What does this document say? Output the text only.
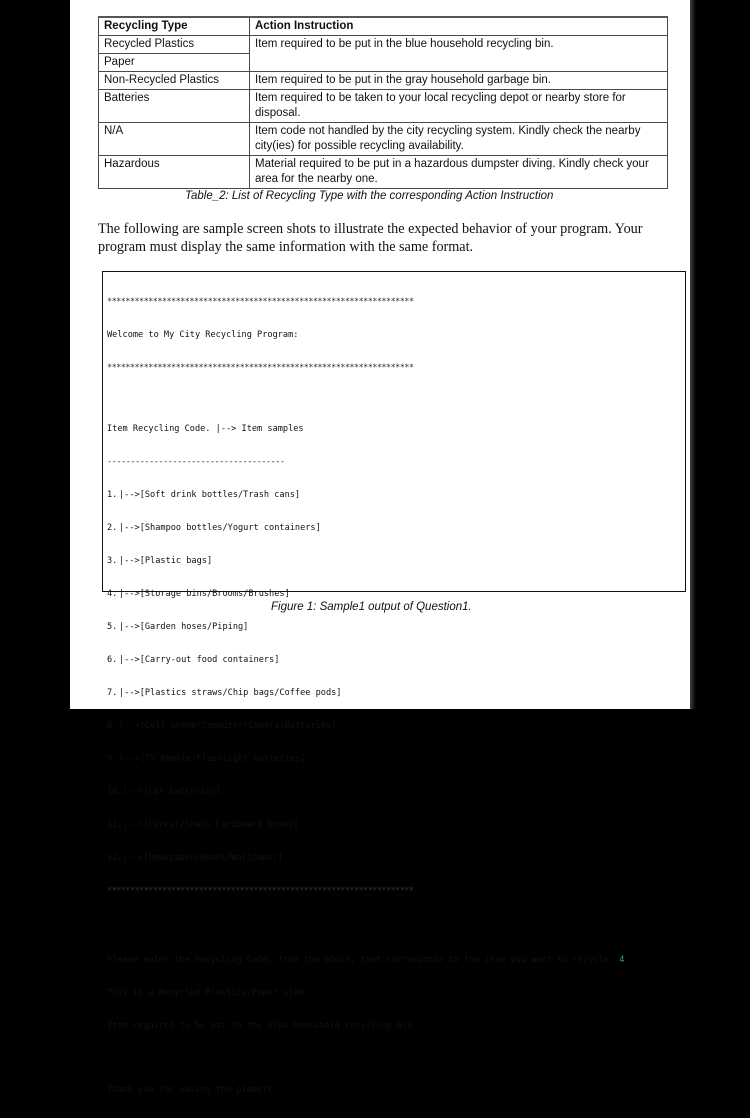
Recycling Type	Action Instruction
Recycled Plastics	Item required to be put in the blue household recycling bin.
Paper	
Non-Recycled Plastics	Item required to be put in the gray household garbage bin.
Batteries	Item required to be taken to your local recycling depot or nearby store for disposal.
N/A	Item code not handled by the city recycling system. Kindly check the nearby city(ies) for possible recycling availability.
Hazardous	Material required to be put in a hazardous dumpster diving. Kindly check your area for the nearby one.
Table_2: List of Recycling Type with the corresponding Action Instruction
The following are sample screen shots to illustrate the expected behavior of your program. Your program must display the same information with the same format.

*******************************************************************

Welcome to My City Recycling Program:

*******************************************************************

Item Recycling Code. |--> Item samples

--------------------------------------

1. |-->[Soft drink bottles/Trash cans]

2. |-->[Shampoo bottles/Yogurt containers]

3. |-->[Plastic bags]

4. |-->[Storage bins/Brooms/Brushes]

5. |-->[Garden hoses/Piping]

6. |-->[Carry-out food containers]

7. |-->[Plastics straws/Chip bags/Coffee pods]

8. |-->[Cell phone/Computer/Camera/Batteries]

9. |-->[TV Remote/Flashlight batteries]

10.|-->[Car batteries]

11.|-->[Cereal/Snack Cardboard boxes]

12.|-->[Newspaper/Books/Wallpaper]

*******************************************************************

Please enter the Recycling Code, from the above, that corresponds to the item you want to recycle: 4

This is a Recycled Plastics/Paper item.

Item required to be put in the blue household recycling bin.

Thank you for saving the planet!

Figure 1: Sample1 output of Question1.
